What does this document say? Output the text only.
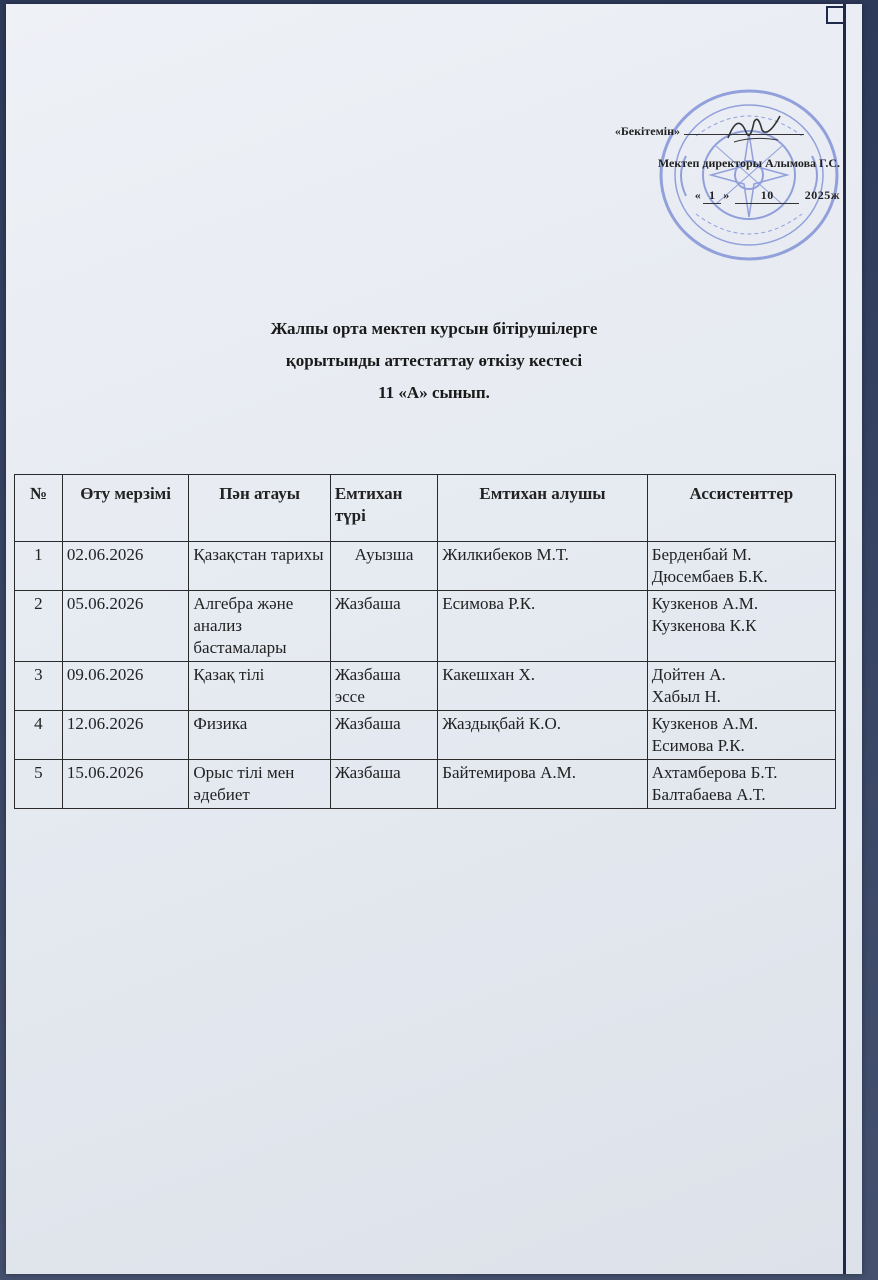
«Бекітемін»
Мектеп директоры Алымова Г.С.
« 1 »	10	2025ж
Жалпы орта мектеп курсын бітірушілерге
қорытынды аттестаттау өткізу кестесі
11 «А» сынып.
№	Өту мерзімі	Пән атауы	Емтихан түрі	Емтихан алушы	Ассистенттер
1	02.06.2026	Қазақстан тарихы	Ауызша	Жилкибеков М.Т.	Берденбай М.
Дюсембаев Б.К.

2	05.06.2026	Алгебра және анализ бастамалары	Жазбаша	Есимова Р.К.	Кузкенов А.М.
Кузкенова К.К

3	09.06.2026	Қазақ тілі	Жазбаша эссе	Какешхан Х.	Дойтен А.
Хабыл Н.

4	12.06.2026	Физика	Жазбаша	Жаздықбай К.О.	Кузкенов А.М.
Есимова Р.К.

5	15.06.2026	Орыс тілі мен әдебиет	Жазбаша	Байтемирова А.М.	Ахтамберова Б.Т.
Балтабаева А.Т.
